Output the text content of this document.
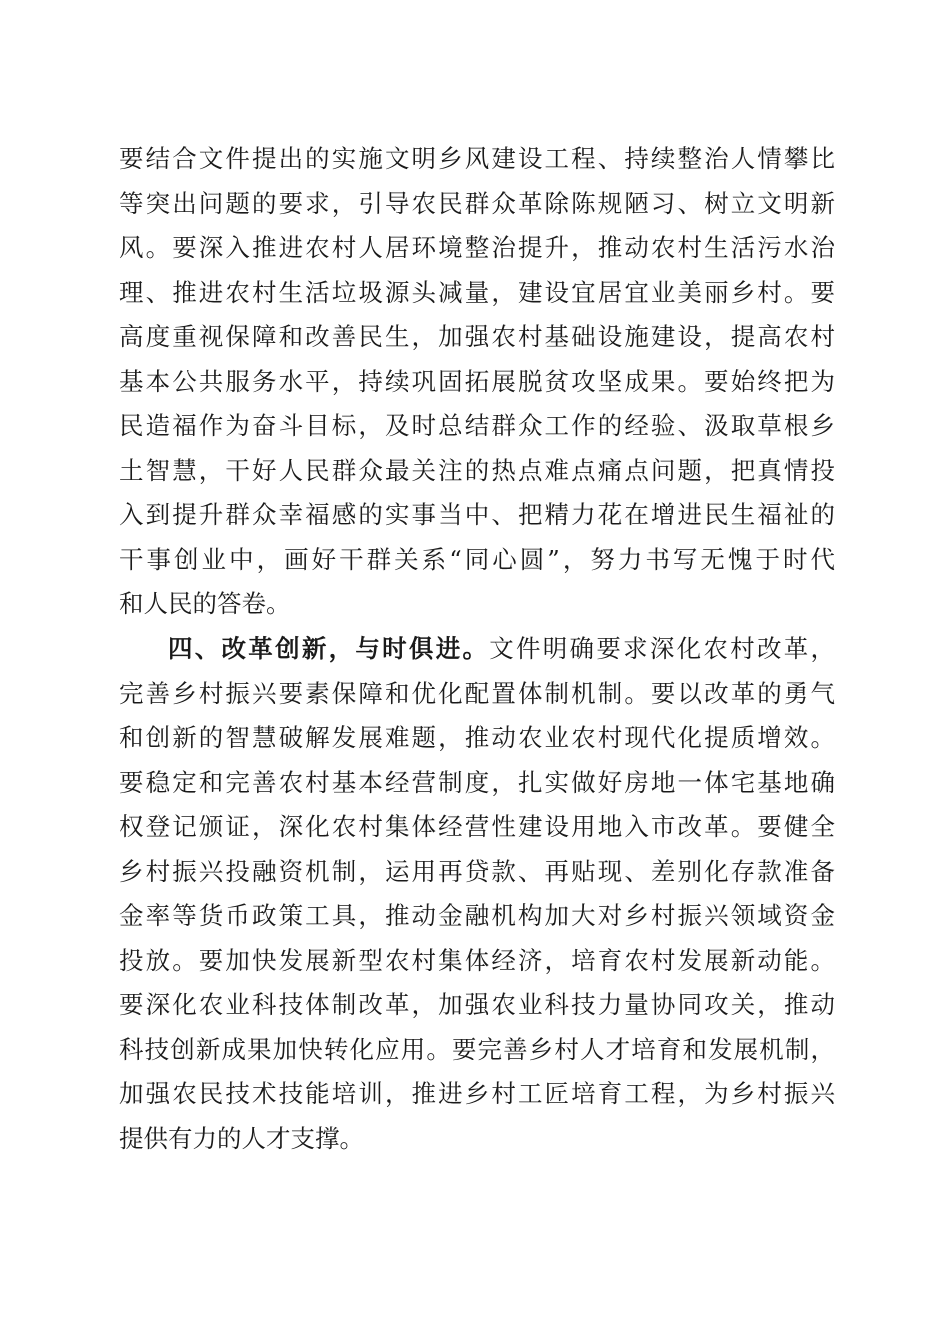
要结合文件提出的实施文明乡风建设工程、持续整治人情攀比
等突出问题的要求，引导农民群众革除陈规陋习、树立文明新
风。要深入推进农村人居环境整治提升，推动农村生活污水治
理、推进农村生活垃圾源头减量，建设宜居宜业美丽乡村。要
高度重视保障和改善民生，加强农村基础设施建设，提高农村
基本公共服务水平，持续巩固拓展脱贫攻坚成果。要始终把为
民造福作为奋斗目标，及时总结群众工作的经验、汲取草根乡
土智慧，干好人民群众最关注的热点难点痛点问题，把真情投
入到提升群众幸福感的实事当中、把精力花在增进民生福祉的
干事创业中，画好干群关系“同心圆”，努力书写无愧于时代
和人民的答卷。
四、改革创新，与时俱进。文件明确要求深化农村改革，
完善乡村振兴要素保障和优化配置体制机制。要以改革的勇气
和创新的智慧破解发展难题，推动农业农村现代化提质增效。
要稳定和完善农村基本经营制度，扎实做好房地一体宅基地确
权登记颁证，深化农村集体经营性建设用地入市改革。要健全
乡村振兴投融资机制，运用再贷款、再贴现、差别化存款准备
金率等货币政策工具，推动金融机构加大对乡村振兴领域资金
投放。要加快发展新型农村集体经济，培育农村发展新动能。
要深化农业科技体制改革，加强农业科技力量协同攻关，推动
科技创新成果加快转化应用。要完善乡村人才培育和发展机制，
加强农民技术技能培训，推进乡村工匠培育工程，为乡村振兴
提供有力的人才支撑。
